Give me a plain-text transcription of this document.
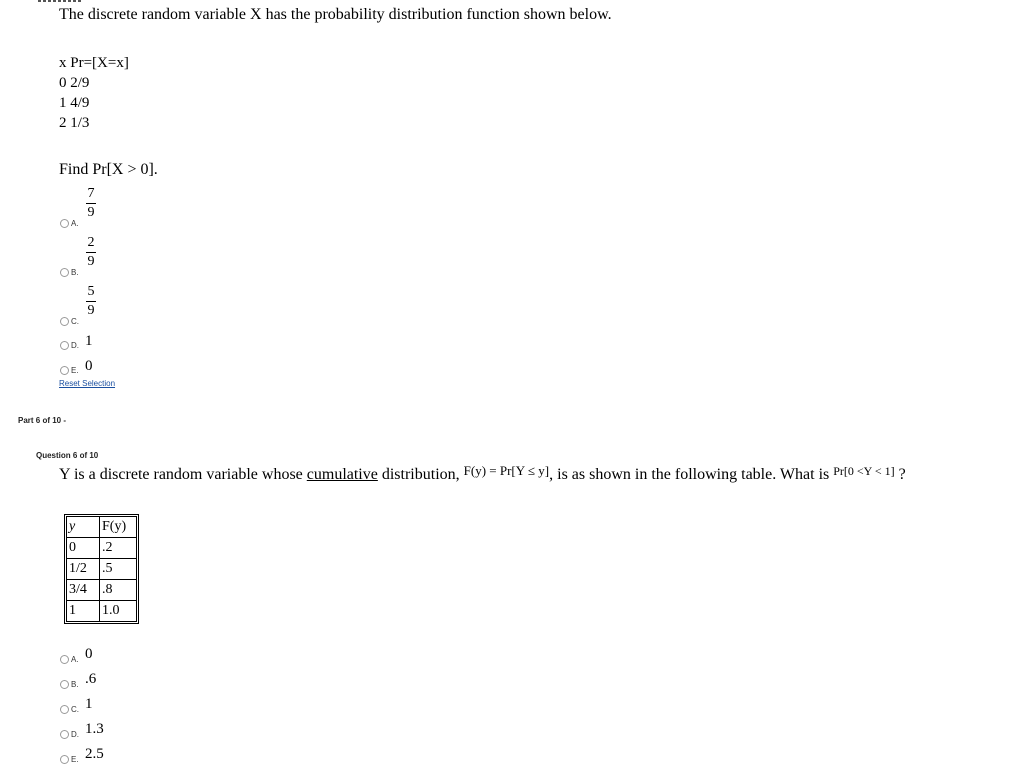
The discrete random variable X has the probability distribution function shown below.
x Pr=[X=x]
0 2/9
1 4/9
2 1/3
Find Pr[X > 0].
A.
7
9
B.
2
9
C.
5
9
D. 1
E. 0
Reset Selection
Part 6 of 10 -
Question 6 of 10
Y is a discrete random variable whose cumulative distribution, $^{F(y) = Pr[Y \le y]}$, is as shown in the following table. What is $^{Pr[0 <Y < 1]}$ ?
y	F(y)
0	.2
1/2	.5
3/4	.8
1	1.0
A. 0
B. .6
C. 1
D. 1.3
E. 2.5
